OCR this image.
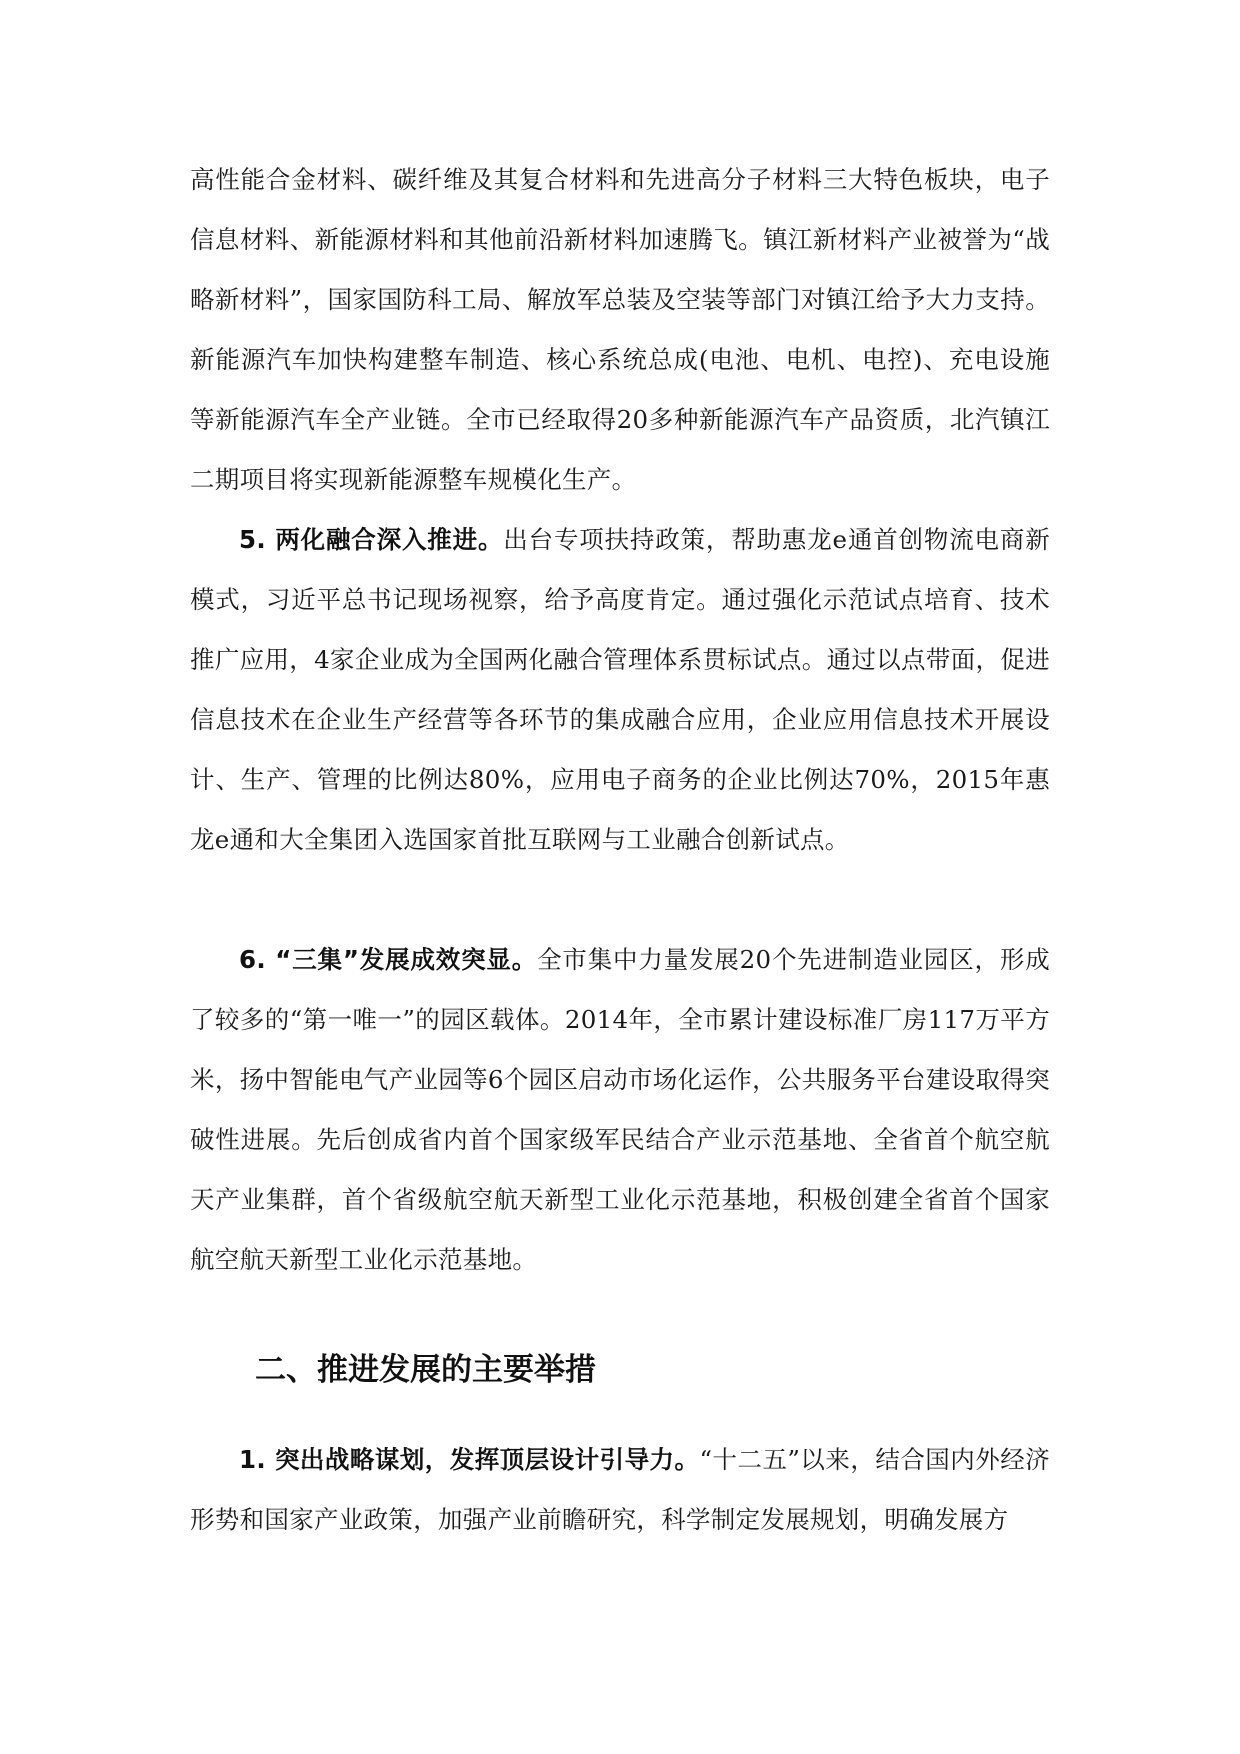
高性能合金材料、碳纤维及其复合材料和先进高分子材料三大特色板块，电子信息材料、新能源材料和其他前沿新材料加速腾飞。镇江新材料产业被誉为“战略新材料”，国家国防科工局、解放军总装及空装等部门对镇江给予大力支持。新能源汽车加快构建整车制造、核心系统总成(电池、电机、电控)、充电设施等新能源汽车全产业链。全市已经取得20多种新能源汽车产品资质，北汽镇江二期项目将实现新能源整车规模化生产。

5. 两化融合深入推进。出台专项扶持政策，帮助惠龙e通首创物流电商新模式，习近平总书记现场视察，给予高度肯定。通过强化示范试点培育、技术推广应用，4家企业成为全国两化融合管理体系贯标试点。通过以点带面，促进信息技术在企业生产经营等各环节的集成融合应用，企业应用信息技术开展设计、生产、管理的比例达80%，应用电子商务的企业比例达70%，2015年惠龙e通和大全集团入选国家首批互联网与工业融合创新试点。

6. “三集”发展成效突显。全市集中力量发展20个先进制造业园区，形成了较多的“第一唯一”的园区载体。2014年，全市累计建设标准厂房117万平方米，扬中智能电气产业园等6个园区启动市场化运作，公共服务平台建设取得突破性进展。先后创成省内首个国家级军民结合产业示范基地、全省首个航空航天产业集群，首个省级航空航天新型工业化示范基地，积极创建全省首个国家航空航天新型工业化示范基地。

二、推进发展的主要举措

1. 突出战略谋划，发挥顶层设计引导力。“十二五”以来，结合国内外经济形势和国家产业政策，加强产业前瞻研究，科学制定发展规划，明确发展方
